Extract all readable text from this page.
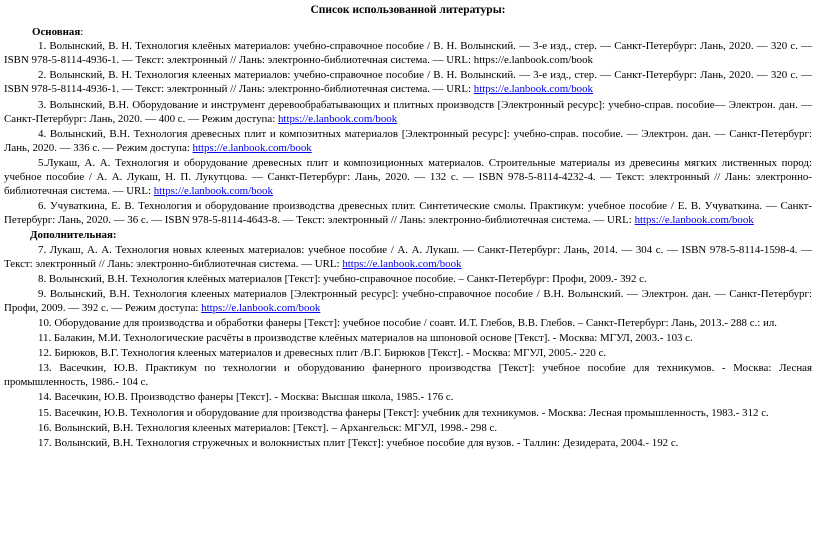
Список использованной литературы:
Основная:

1. Волынский, В. Н. Технология клеёных материалов: учебно-справочное пособие / В. Н. Волынский. — 3-е изд., стер. — Санкт-Петербург: Лань, 2020. — 320 с. — ISBN 978-5-8114-4936-1. — Текст: электронный // Лань: электронно-библиотечная система. — URL: https://e.lanbook.com/book

2. Волынский, В. Н. Технология клееных материалов: учебно-справочное пособие / В. Н. Волынский. — 3-е изд., стер. — Санкт-Петербург: Лань, 2020. — 320 с. — ISBN 978-5-8114-4936-1. — Текст: электронный // Лань: электронно-библиотечная система. — URL: https://e.lanbook.com/book

3. Волынский, В.Н. Оборудование и инструмент деревообрабатывающих и плитных производств [Электронный ресурс]: учебно-справ. пособие— Электрон. дан. — Санкт-Петербург: Лань, 2020. — 400 с. — Режим доступа: https://e.lanbook.com/book

4. Волынский, В.Н. Технология древесных плит и композитных материалов [Электронный ресурс]: учебно-справ. пособие. — Электрон. дан. — Санкт-Петербург: Лань, 2020. — 336 с. — Режим доступа: https://e.lanbook.com/book

5.Лукаш, А. А. Технология и оборудование древесных плит и композиционных материалов. Строительные материалы из древесины мягких лиственных пород: учебное пособие / А. А. Лукаш, Н. П. Лукутцова. — Санкт-Петербург: Лань, 2020. — 132 с. — ISBN 978-5-8114-4232-4. — Текст: электронный // Лань: электронно-библиотечная система. — URL: https://e.lanbook.com/book

6. Учуваткина, Е. В. Технология и оборудование производства древесных плит. Синтетические смолы. Практикум: учебное пособие / Е. В. Учуваткина. — Санкт-Петербург: Лань, 2020. — 36 с. — ISBN 978-5-8114-4643-8. — Текст: электронный // Лань: электронно-библиотечная система. — URL: https://e.lanbook.com/book

Дополнительная:

7. Лукаш, А. А. Технология новых клееных материалов: учебное пособие / А. А. Лукаш. — Санкт-Петербург: Лань, 2014. — 304 с. — ISBN 978-5-8114-1598-4. — Текст: электронный // Лань: электронно-библиотечная система. — URL: https://e.lanbook.com/book

8. Волынский, В.Н. Технология клеёных материалов [Текст]: учебно-справочное пособие. – Санкт-Петербург: Профи, 2009.- 392 с.

9. Волынский, В.Н. Технология клееных материалов [Электронный ресурс]: учебно-справочное пособие / В.Н. Волынский. — Электрон. дан. — Санкт-Петербург: Профи, 2009. — 392 с. — Режим доступа: https://e.lanbook.com/book

10. Оборудование для производства и обработки фанеры [Текст]: учебное пособие / соавт. И.Т. Глебов, В.В. Глебов. – Санкт-Петербург: Лань, 2013.- 288 с.: ил.

11. Балакин, М.И. Технологические расчёты в производстве клеёных материалов на шпоновой основе [Текст]. - Москва: МГУЛ, 2003.- 103 с.

12. Бирюков, В.Г. Технология клееных материалов и древесных плит /В.Г. Бирюков [Текст]. - Москва: МГУЛ, 2005.- 220 с.

13. Васечкин, Ю.В. Практикум по технологии и оборудованию фанерного производства [Текст]: учебное пособие для техникумов. - Москва: Лесная промышленность, 1986.- 104 с.

14. Васечкин, Ю.В. Производство фанеры [Текст]. - Москва: Высшая школа, 1985.- 176 с.

15. Васечкин, Ю.В. Технология и оборудование для производства фанеры [Текст]: учебник для техникумов. - Москва: Лесная промышленность, 1983.- 312 с.

16. Волынский, В.Н. Технология клееных материалов: [Текст]. – Архангельск: МГУЛ, 1998.- 298 с.

17. Волынский, В.Н. Технология стружечных и волокнистых плит [Текст]: учебное пособие для вузов. - Таллин: Дезидерата, 2004.- 192 с.
